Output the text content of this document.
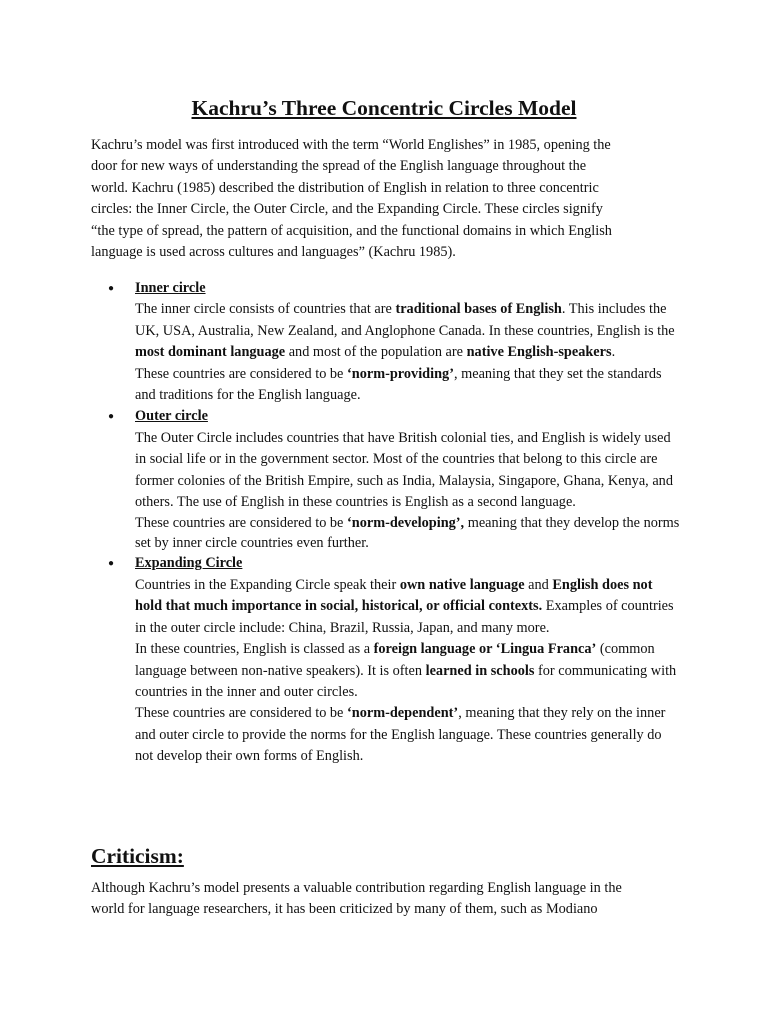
Kachru’s Three Concentric Circles Model

Kachru’s model was first introduced with the term “World Englishes” in 1985, opening the
door for new ways of understanding the spread of the English language throughout the
world. Kachru (1985) described the distribution of English in relation to three concentric
circles: the Inner Circle, the Outer Circle, and the Expanding Circle. These circles signify
“the type of spread, the pattern of acquisition, and the functional domains in which English
language is used across cultures and languages” (Kachru 1985).

● Inner circle
The inner circle consists of countries that are traditional bases of English. This includes the UK, USA, Australia, New Zealand, and Anglophone Canada. In these countries, English is the most dominant language and most of the population are native English-speakers.
These countries are considered to be ‘norm-providing’, meaning that they set the standards and traditions for the English language.
● Outer circle
The Outer Circle includes countries that have British colonial ties, and English is widely used in social life or in the government sector. Most of the countries that belong to this circle are former colonies of the British Empire, such as India, Malaysia, Singapore, Ghana, Kenya, and others. The use of English in these countries is English as a second language.
These countries are considered to be ‘norm-developing’, meaning that they develop the norms set by inner circle countries even further.
● Expanding Circle
Countries in the Expanding Circle speak their own native language and English does not hold that much importance in social, historical, or official contexts. Examples of countries in the outer circle include: China, Brazil, Russia, Japan, and many more.
In these countries, English is classed as a foreign language or ‘Lingua Franca’ (common language between non-native speakers). It is often learned in schools for communicating with countries in the inner and outer circles.
These countries are considered to be ‘norm-dependent’, meaning that they rely on the inner and outer circle to provide the norms for the English language. These countries generally do not develop their own forms of English.
Criticism:

Although Kachru’s model presents a valuable contribution regarding English language in the
world for language researchers, it has been criticized by many of them, such as Modiano
